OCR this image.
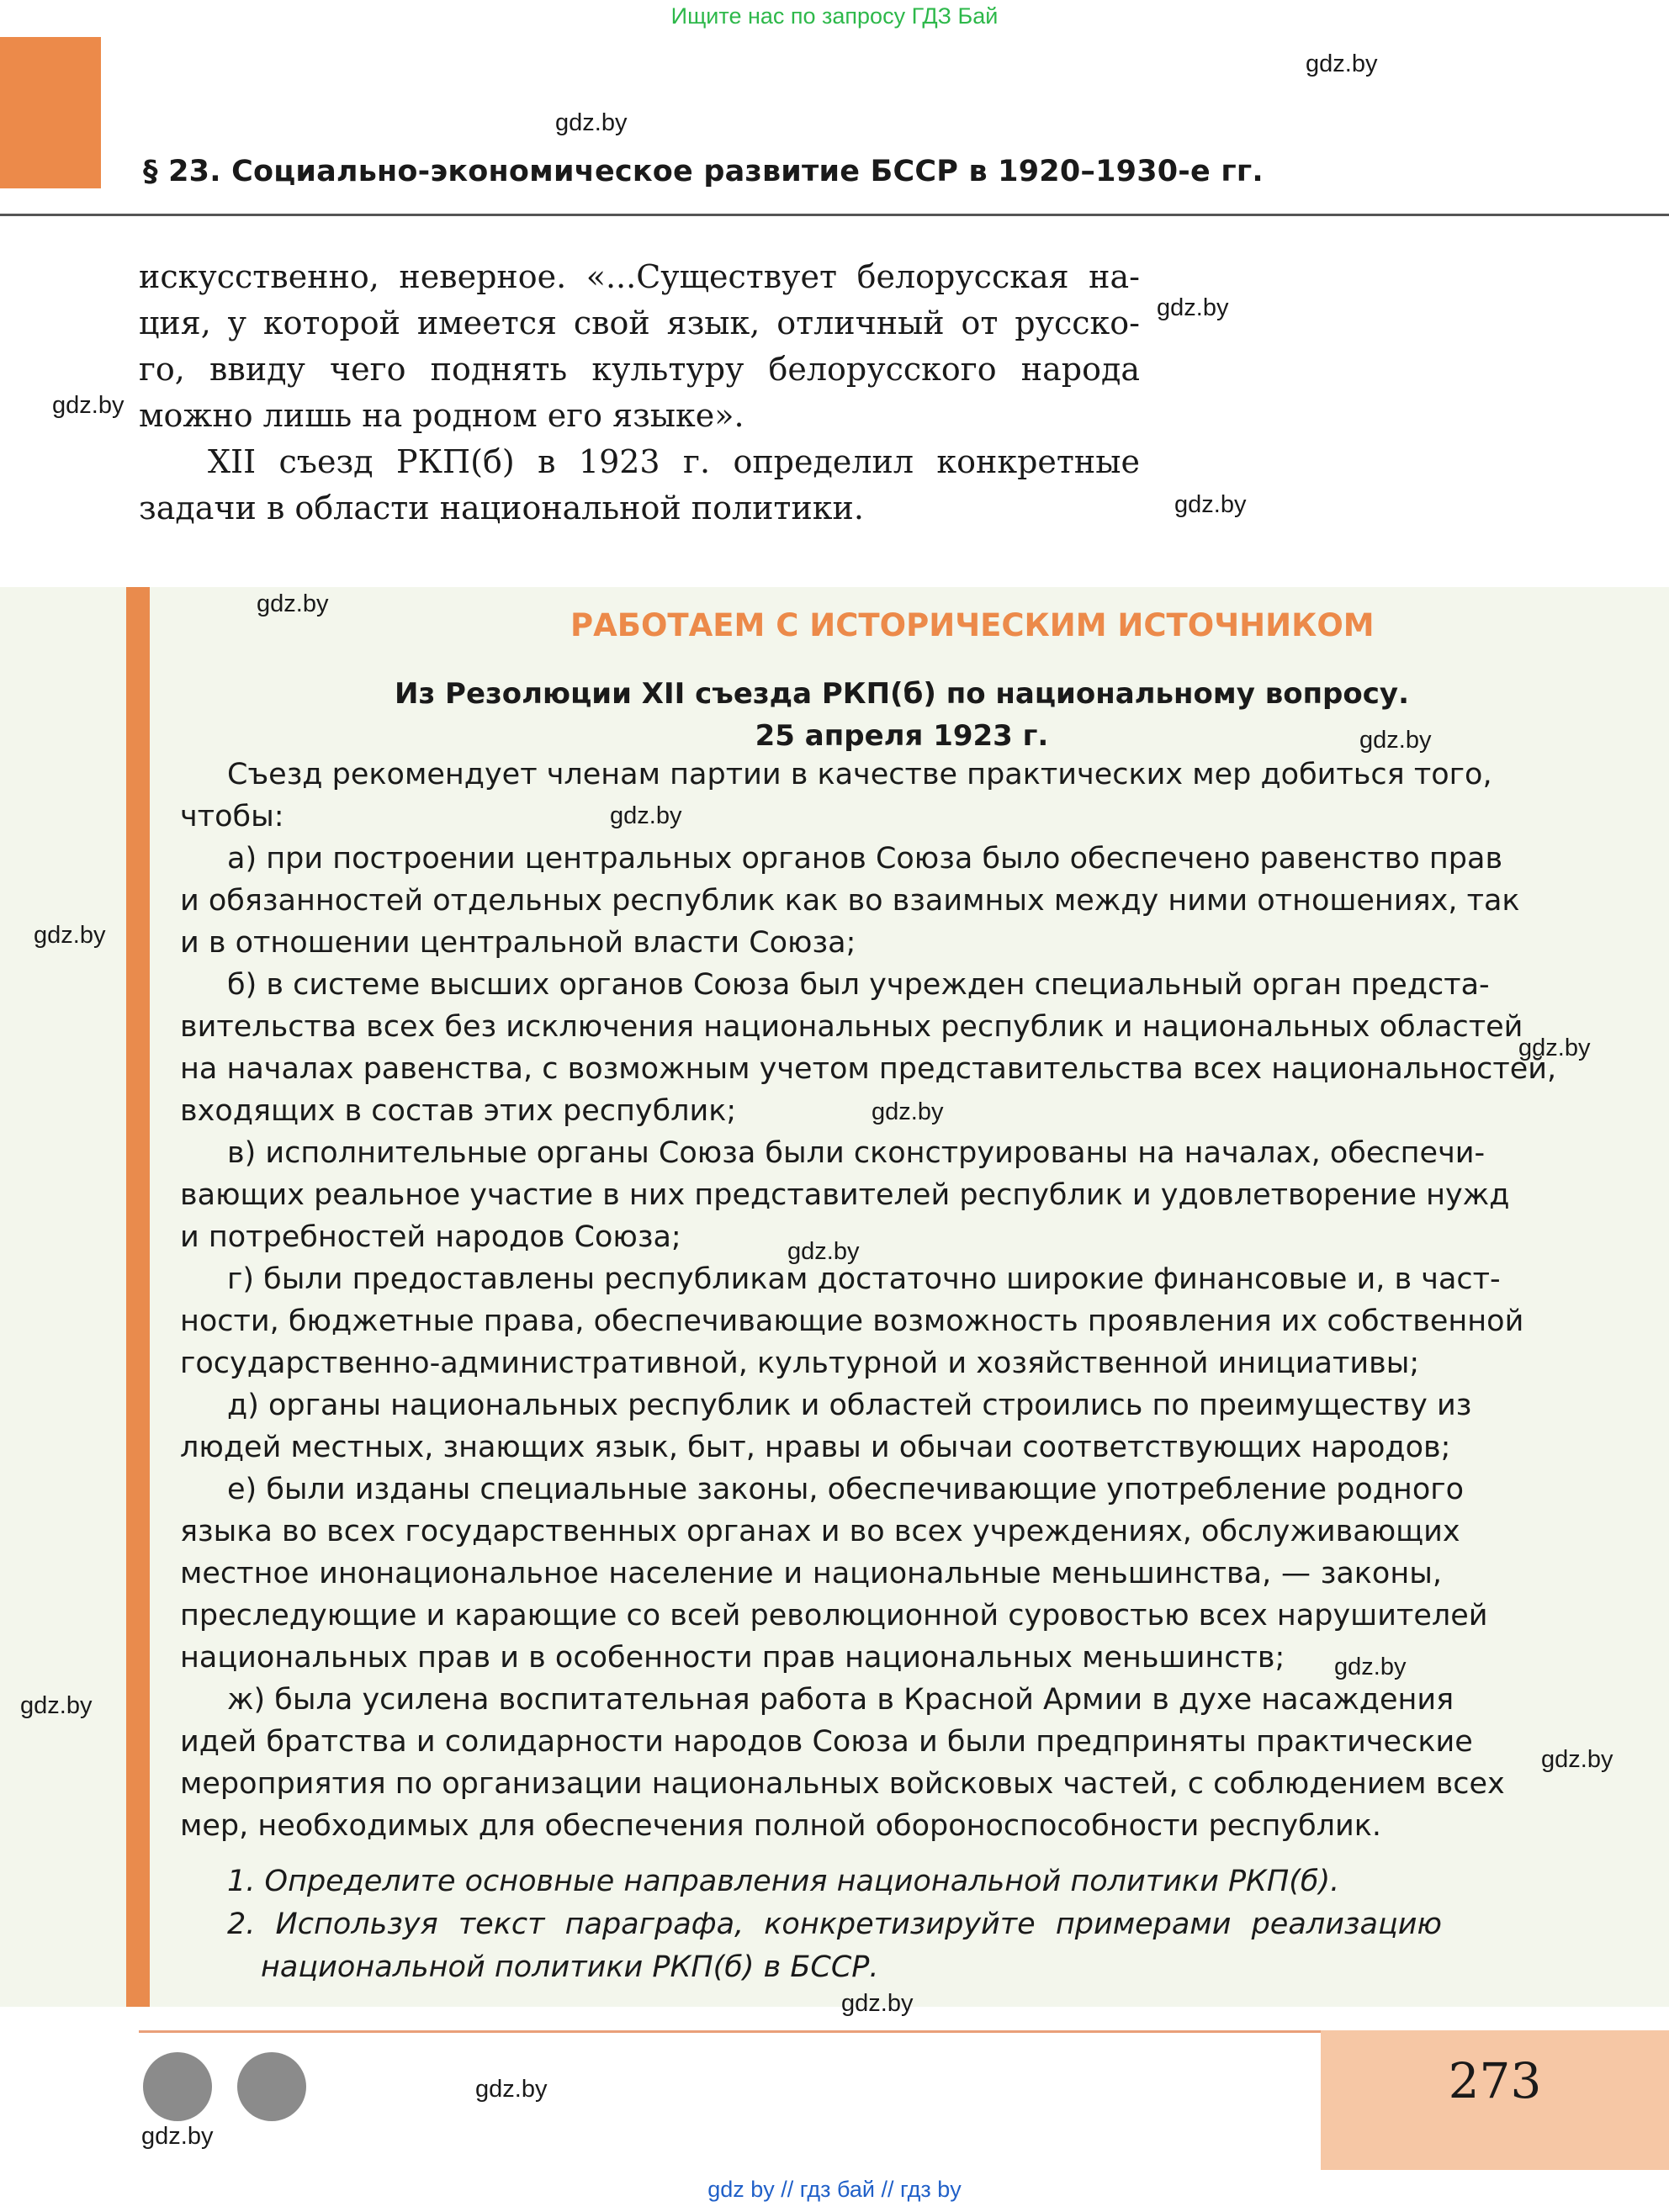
Ищите нас по запросу ГДЗ Бай
§ 23. Социально-экономическое развитие БССР в 1920–1930-е гг.
искусственно, неверное. «...Существует белорусская на-
ция, у которой имеется свой язык, отличный от русско-
го, ввиду чего поднять культуру белорусского народа
можно лишь на родном его языке».
XII съезд РКП(б) в 1923 г. определил конкретные
задачи в области национальной политики.
РАБОТАЕМ С ИСТОРИЧЕСКИМ ИСТОЧНИКОМ
Из Резолюции XII съезда РКП(б) по национальному вопросу.
25 апреля 1923 г.
Съезд рекомендует членам партии в качестве практических мер добиться того,
чтобы:
а) при построении центральных органов Союза было обеспечено равенство прав
и обязанностей отдельных республик как во взаимных между ними отношениях, так
и в отношении центральной власти Союза;
б) в системе высших органов Союза был учрежден специальный орган предста-
вительства всех без исключения национальных республик и национальных областей
на началах равенства, с возможным учетом представительства всех национальностей,
входящих в состав этих республик;
в) исполнительные органы Союза были сконструированы на началах, обеспечи-
вающих реальное участие в них представителей республик и удовлетворение нужд
и потребностей народов Союза;
г) были предоставлены республикам достаточно широкие финансовые и, в част-
ности, бюджетные права, обеспечивающие возможность проявления их собственной
государственно-административной, культурной и хозяйственной инициативы;
д) органы национальных республик и областей строились по преимуществу из
людей местных, знающих язык, быт, нравы и обычаи соответствующих народов;
е) были изданы специальные законы, обеспечивающие употребление родного
языка во всех государственных органах и во всех учреждениях, обслуживающих
местное инонациональное население и национальные меньшинства, — законы,
преследующие и карающие со всей революционной суровостью всех нарушителей
национальных прав и в особенности прав национальных меньшинств;
ж) была усилена воспитательная работа в Красной Армии в духе насаждения
идей братства и солидарности народов Союза и были предприняты практические
мероприятия по организации национальных войсковых частей, с соблюдением всех
мер, необходимых для обеспечения полной обороноспособности республик.
1. Определите основные направления национальной политики РКП(б).
2. Используя текст параграфа, конкретизируйте примерами реализацию
национальной политики РКП(б) в БССР.
273
gdz.by
gdz.by
gdz.by
gdz.by
gdz.by
gdz.by
gdz.by
gdz.by
gdz.by
gdz.by
gdz.by
gdz.by
gdz.by
gdz.by
gdz.by
gdz.by
gdz.by
gdz.by
gdz by // гдз бай // гдз by
